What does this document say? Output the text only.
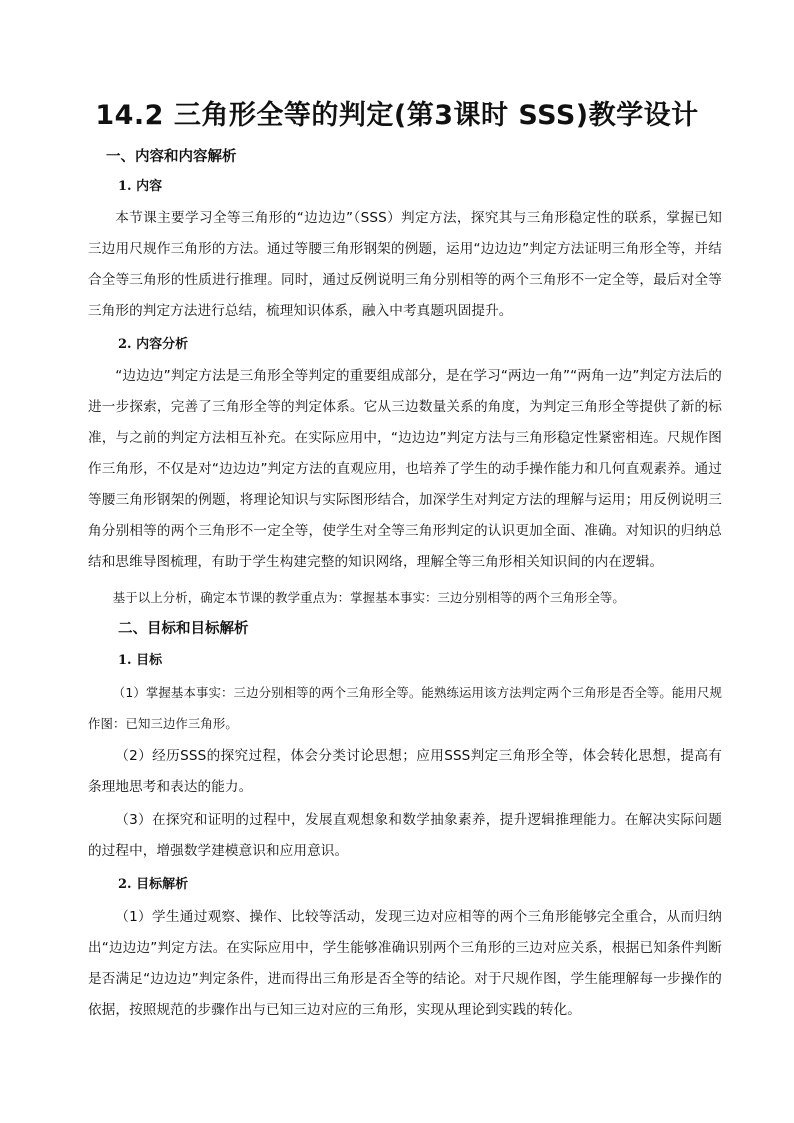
14.2 三角形全等的判定(第3课时 SSS)教学设计
一、内容和内容解析
1. 内容

本节课主要学习全等三角形的“边边边”（SSS）判定方法，探究其与三角形稳定性的联系，掌握已知三边用尺规作三角形的方法。通过等腰三角形钢架的例题，运用“边边边”判定方法证明三角形全等，并结合全等三角形的性质进行推理。同时，通过反例说明三角分别相等的两个三角形不一定全等，最后对全等三角形的判定方法进行总结，梳理知识体系，融入中考真题巩固提升。

2. 内容分析

“边边边”判定方法是三角形全等判定的重要组成部分，是在学习“两边一角”“两角一边”判定方法后的进一步探索，完善了三角形全等的判定体系。它从三边数量关系的角度，为判定三角形全等提供了新的标准，与之前的判定方法相互补充。在实际应用中，“边边边”判定方法与三角形稳定性紧密相连。尺规作图作三角形，不仅是对“边边边”判定方法的直观应用，也培养了学生的动手操作能力和几何直观素养。通过等腰三角形钢架的例题，将理论知识与实际图形结合，加深学生对判定方法的理解与运用；用反例说明三角分别相等的两个三角形不一定全等，使学生对全等三角形判定的认识更加全面、准确。对知识的归纳总结和思维导图梳理，有助于学生构建完整的知识网络，理解全等三角形相关知识间的内在逻辑。

基于以上分析，确定本节课的教学重点为：掌握基本事实：三边分别相等的两个三角形全等。

二、目标和目标解析
1. 目标

（1）掌握基本事实：三边分别相等的两个三角形全等。能熟练运用该方法判定两个三角形是否全等。能用尺规作图：已知三边作三角形。

（2）经历SSS的探究过程，体会分类讨论思想；应用SSS判定三角形全等，体会转化思想，提高有条理地思考和表达的能力。

（3）在探究和证明的过程中，发展直观想象和数学抽象素养，提升逻辑推理能力。在解决实际问题的过程中，增强数学建模意识和应用意识。

2. 目标解析

（1）学生通过观察、操作、比较等活动，发现三边对应相等的两个三角形能够完全重合，从而归纳出“边边边”判定方法。在实际应用中，学生能够准确识别两个三角形的三边对应关系，根据已知条件判断是否满足“边边边”判定条件，进而得出三角形是否全等的结论。对于尺规作图，学生能理解每一步操作的依据，按照规范的步骤作出与已知三边对应的三角形，实现从理论到实践的转化。
